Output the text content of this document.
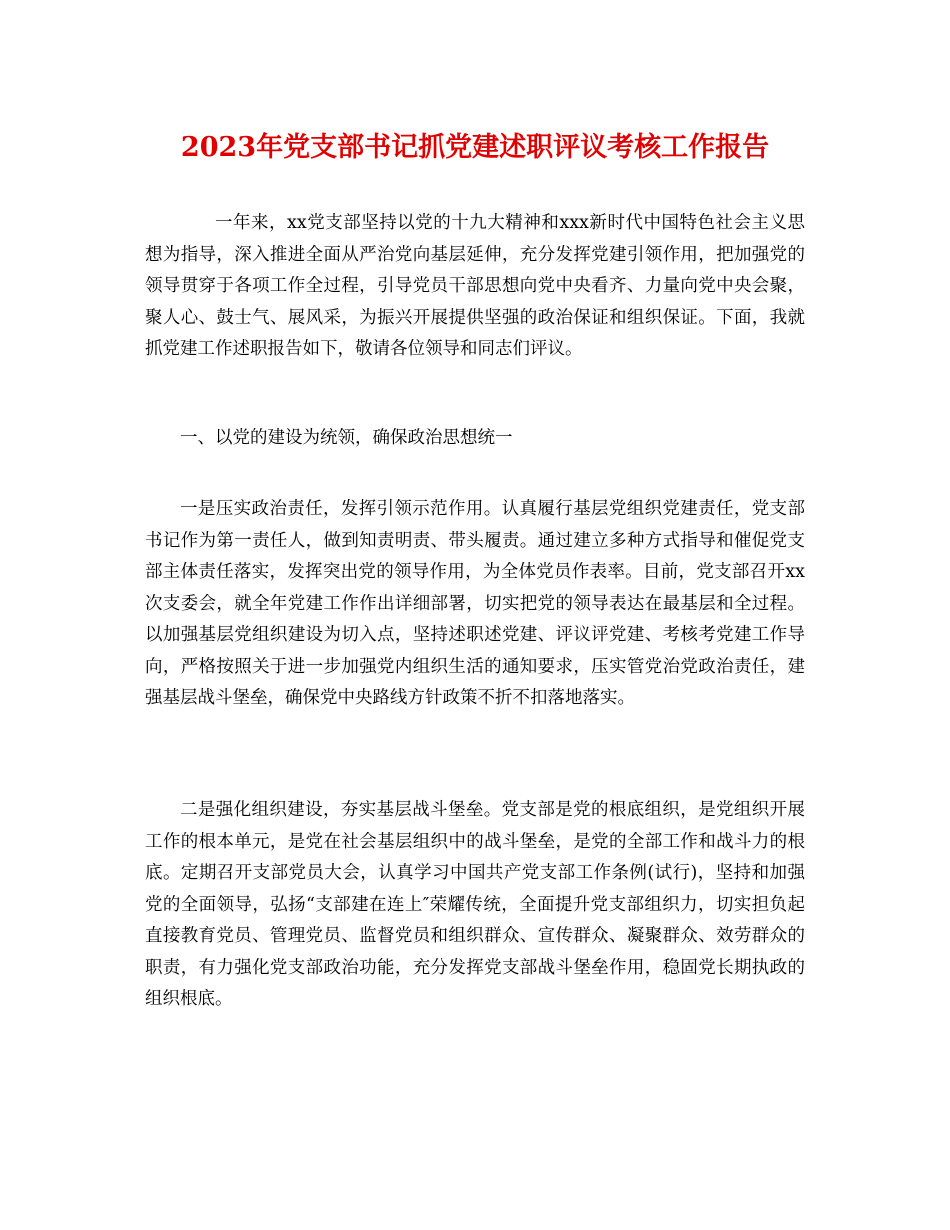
2023年党支部书记抓党建述职评议考核工作报告

一年来，xx党支部坚持以党的十九大精神和xxx新时代中国特色社会主义思想为指导，深入推进全面从严治党向基层延伸，充分发挥党建引领作用，把加强党的领导贯穿于各项工作全过程，引导党员干部思想向党中央看齐、力量向党中央会聚，聚人心、鼓士气、展风采，为振兴开展提供坚强的政治保证和组织保证。下面，我就抓党建工作述职报告如下，敬请各位领导和同志们评议。

一、以党的建设为统领，确保政治思想统一

一是压实政治责任，发挥引领示范作用。认真履行基层党组织党建责任，党支部书记作为第一责任人，做到知责明责、带头履责。通过建立多种方式指导和催促党支部主体责任落实，发挥突出党的领导作用，为全体党员作表率。目前，党支部召开xx次支委会，就全年党建工作作出详细部署，切实把党的领导表达在最基层和全过程。以加强基层党组织建设为切入点，坚持述职述党建、评议评党建、考核考党建工作导向，严格按照关于进一步加强党内组织生活的通知要求，压实管党治党政治责任，建强基层战斗堡垒，确保党中央路线方针政策不折不扣落地落实。

二是强化组织建设，夯实基层战斗堡垒。党支部是党的根底组织，是党组织开展工作的根本单元，是党在社会基层组织中的战斗堡垒，是党的全部工作和战斗力的根底。定期召开支部党员大会，认真学习中国共产党支部工作条例(试行)，坚持和加强党的全面领导，弘扬“支部建在连上″荣耀传统，全面提升党支部组织力，切实担负起直接教育党员、管理党员、监督党员和组织群众、宣传群众、凝聚群众、效劳群众的职责，有力强化党支部政治功能，充分发挥党支部战斗堡垒作用，稳固党长期执政的组织根底。
